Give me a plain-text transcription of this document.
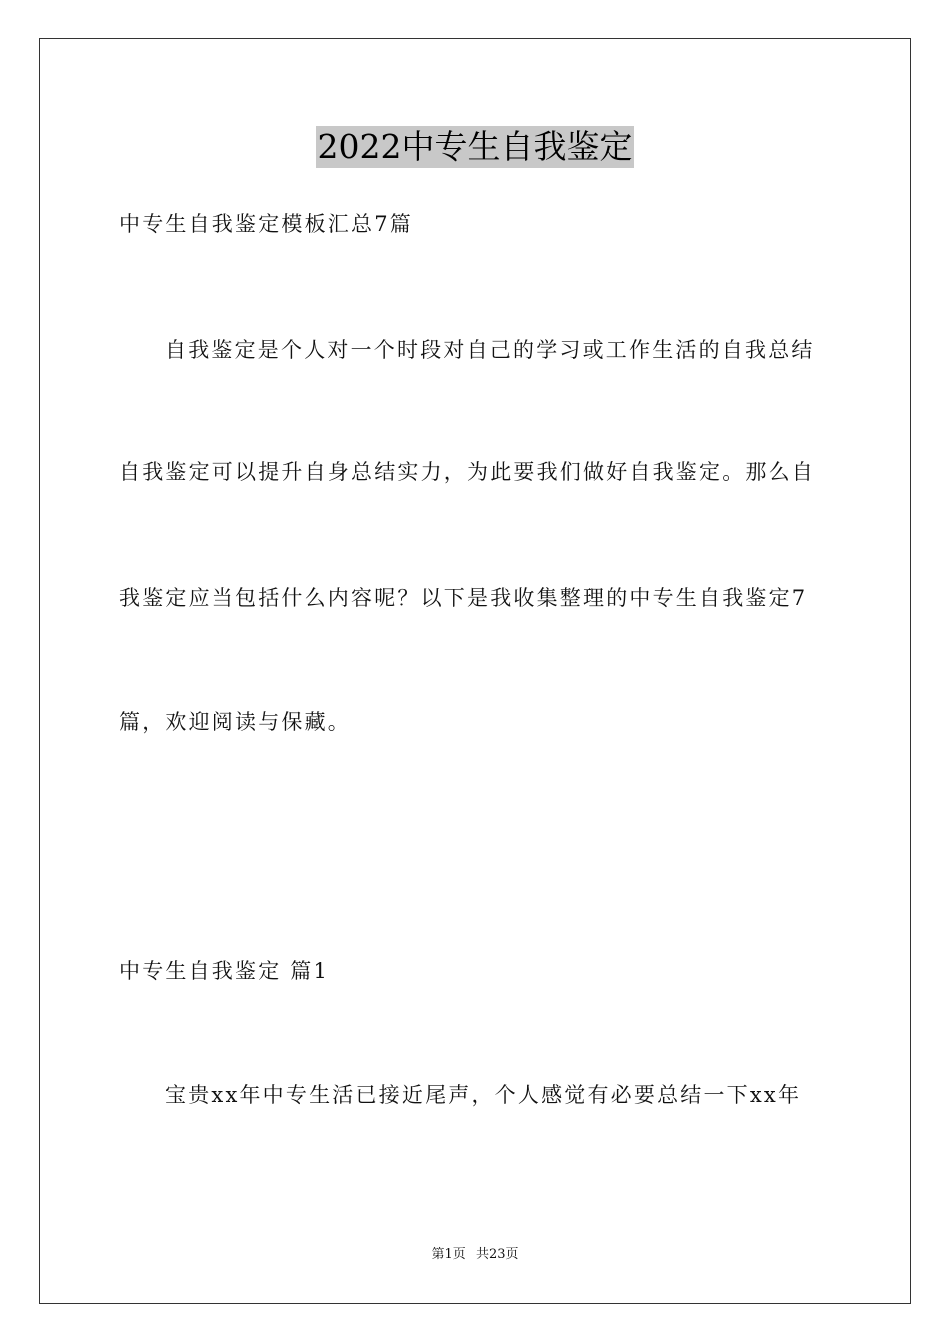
2022中专生自我鉴定
中专生自我鉴定模板汇总7篇
自我鉴定是个人对一个时段对自己的学习或工作生活的自我总结
自我鉴定可以提升自身总结实力，为此要我们做好自我鉴定。那么自
我鉴定应当包括什么内容呢？以下是我收集整理的中专生自我鉴定7
篇，欢迎阅读与保藏。
中专生自我鉴定 篇1
宝贵xx年中专生活已接近尾声，个人感觉有必要总结一下xx年
第1页 共23页
